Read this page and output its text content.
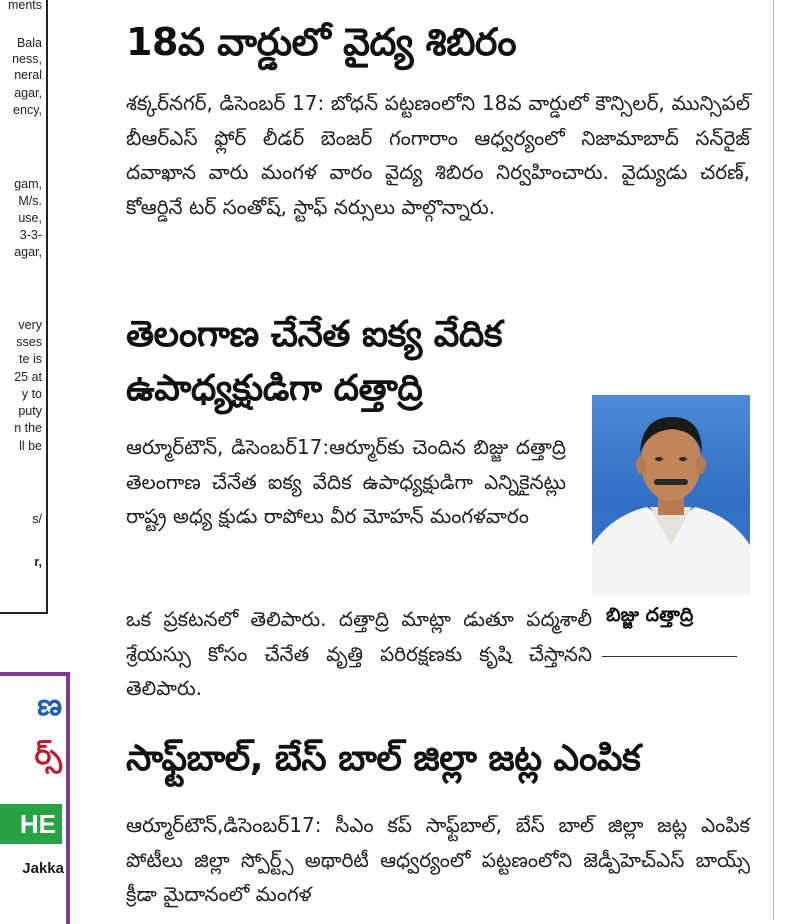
ments
Bala
ness,
neral
agar,
ency,
gam,
M/s.
use,
3-3-
agar,
very
sses
te is
25 at
y to
puty
n the
ll be
s/
r,
ణ
ర్స్
HE
Jakka
18వ వార్డులో వైద్య శిబిరం

శక్కర్‌నగర్, డిసెంబర్ 17: బోధన్ పట్టణంలోని 18వ వార్డులో కౌన్సిలర్, మున్సిపల్ బీఆర్ఎస్ ఫ్లోర్ లీడర్ బెంజర్ గంగారాం ఆధ్వర్యంలో నిజామాబాద్ సన్‌రైజ్ దవాఖాన వారు మంగళ వారం వైద్య శిబిరం నిర్వహించారు. వైద్యుడు చరణ్, కోఆర్డినే టర్ సంతోష్, స్టాఫ్ నర్సులు పాల్గొన్నారు.

తెలంగాణ చేనేత ఐక్య వేదిక
ఉపాధ్యక్షుడిగా దత్తాద్రి

ఆర్మూర్‌టౌన్, డిసెంబర్17:ఆర్మూర్‌కు చెందిన బిజ్జు దత్తాద్రి తెలంగాణ చేనేత ఐక్య వేదిక ఉపాధ్యక్షుడిగా ఎన్నికైనట్లు రాష్ట్ర అధ్య క్షుడు రాపోలు వీర మోహన్ మంగళవారం

ఒక ప్రకటనలో తెలిపారు. దత్తాద్రి మాట్లా డుతూ పద్మశాలీ శ్రేయస్సు కోసం చేనేత వృత్తి పరిరక్షణకు కృషి చేస్తానని తెలిపారు.

బిజ్జు దత్తాద్రి
సాఫ్ట్‌బాల్, బేస్ బాల్ జిల్లా జట్ల ఎంపిక

ఆర్మూర్‌టౌన్,డిసెంబర్17: సీఎం కప్ సాఫ్ట్‌బాల్, బేస్ బాల్ జిల్లా జట్ల ఎంపిక పోటీలు జిల్లా స్పోర్ట్స్ అథారిటీ ఆధ్వర్యంలో పట్టణంలోని జెడ్పీహెచ్ఎస్ బాయ్స్ క్రీడా మైదానంలో మంగళ
